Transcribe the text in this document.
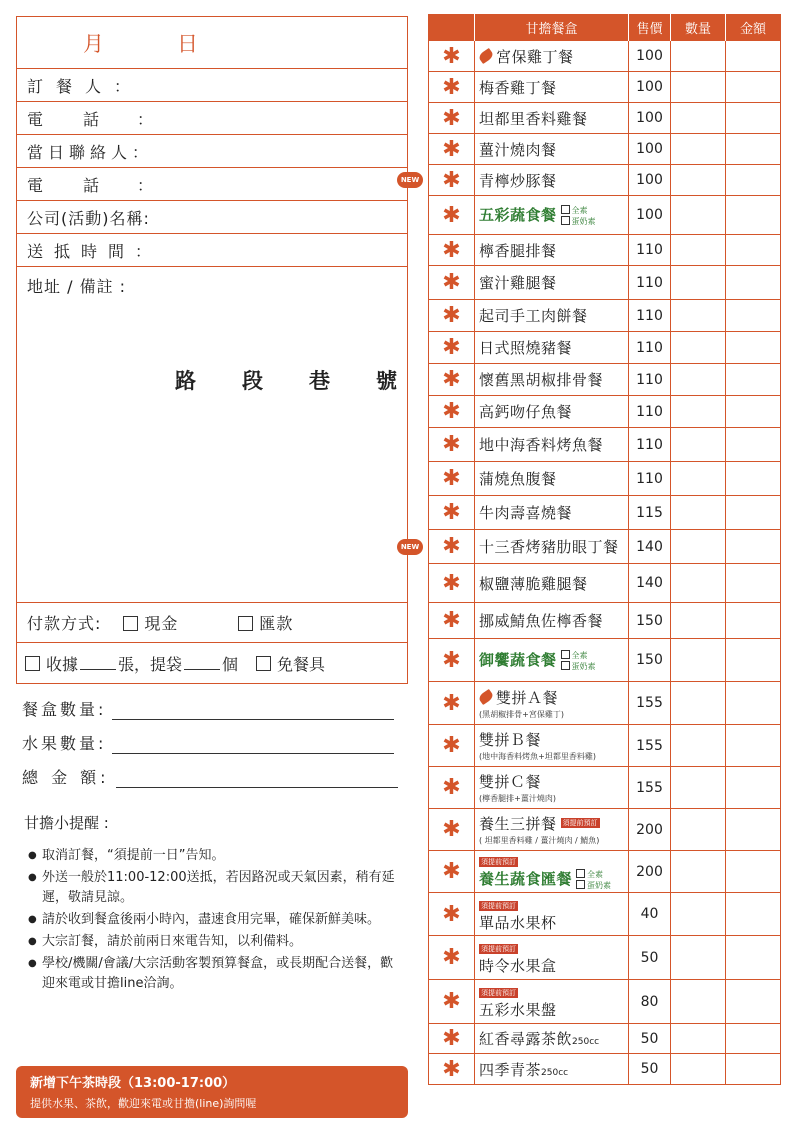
月	日
訂餐人 ：
電話
：
當日聯絡人 ：
電話
：
公司(活動)名稱:
送抵時間 ：
地址 / 備註 :
路 段 巷 號
付款方式:	現金	匯款
收據	張，提袋	個 免餐具
餐盒數量:
水果數量:
總 金 額:
甘擔小提醒 :
● 取消訂餐，“須提前一日”告知。
● 外送一般於11:00-12:00送抵，若因路況或天氣因素，稍有延遲，敬請見諒。
● 請於收到餐盒後兩小時內，盡速食用完畢，確保新鮮美味。
● 大宗訂餐，請於前兩日來電告知，以利備料。
● 學校/機關/會議/大宗活動客製預算餐盒，或長期配合送餐，歡迎來電或甘擔line洽詢。
新增下午茶時段（13:00-17:00）
提供水果、茶飲，歡迎來電或甘擔(line)詢問喔
	甘擔餐盒	售價	數量	金額
✱	宮保雞丁餐	100		
✱	梅香雞丁餐	100		
✱	坦都里香料雞餐	100		
✱	薑汁燒肉餐	100		

NEW ✱	青檸炒豚餐	100		
✱	五彩蔬食餐 全素
蛋奶素	100		
✱	檸香腿排餐	110		
✱	蜜汁雞腿餐	110		
✱	起司手工肉餅餐	110		
✱	日式照燒豬餐	110		
✱	懷舊黑胡椒排骨餐	110		
✱	高鈣吻仔魚餐	110		
✱	地中海香料烤魚餐	110		
✱	蒲燒魚腹餐	110		
✱	牛肉壽喜燒餐	115		

NEW ✱	十三香烤豬肋眼丁餐	140		
✱	椒鹽薄脆雞腿餐	140		
✱	挪威鯖魚佐檸香餐	150		
✱	御饗蔬食餐 全素
蛋奶素	150		
✱	雙拼Ａ餐
(黑胡椒排骨+宮保雞丁)	155		
✱	雙拼Ｂ餐
(地中海香料烤魚+坦都里香料雞)	155		
✱	雙拼Ｃ餐
(檸香腿排+薑汁燒肉)	155		
✱	養生三拼餐 須提前預訂
( 坦都里香料雞 / 薑汁燒肉 / 鯖魚)	200		
✱	須提前預訂
養生蔬食匯餐 全素
蛋奶素	200		
✱	須提前預訂
單品水果杯	40		
✱	須提前預訂
時令水果盒	50		
✱	須提前預訂
五彩水果盤	80		
✱	紅香尋露茶飲250cc	50		
✱	四季青茶250cc	50		
